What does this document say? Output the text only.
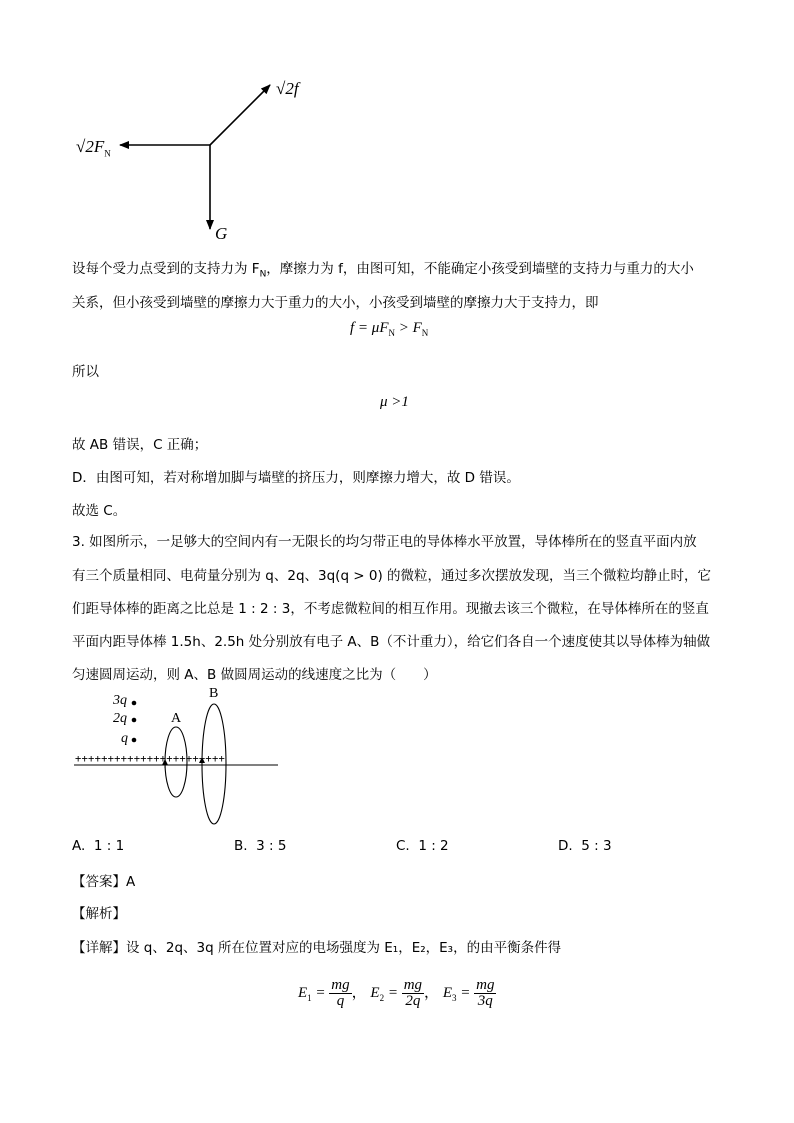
√2f
$√2F_N$
G
设每个受力点受到的支持力为 $F_N$，摩擦力为 f，由图可知，不能确定小孩受到墙壁的支持力与重力的大小
关系，但小孩受到墙壁的摩擦力大于重力的大小，小孩受到墙壁的摩擦力大于支持力，即
$f = \mu F_N > F_N$
所以
μ >1
故 AB 错误，C 正确；
D．由图可知，若对称增加脚与墙壁的挤压力，则摩擦力增大，故 D 错误。
故选 C。
3. 如图所示，一足够大的空间内有一无限长的均匀带正电的导体棒水平放置，导体棒所在的竖直平面内放
有三个质量相同、电荷量分别为 q、2q、3q(q > 0) 的微粒，通过多次摆放发现，当三个微粒均静止时，它
们距导体棒的距离之比总是 1 : 2 : 3，不考虑微粒间的相互作用。现撤去该三个微粒，在导体棒所在的竖直
平面内距导体棒 1.5h、2.5h 处分别放有电子 A、B（不计重力），给它们各自一个速度使其以导体棒为轴做
匀速圆周运动，则 A、B 做圆周运动的线速度之比为（　　）
3q
2q
q
A
B
+++++++++++++++++++++++
A. 1 : 1	B. 3 : 5	C. 1 : 2	D. 5 : 3
【答案】A
【解析】
【详解】设 q、2q、3q 所在位置对应的电场强度为 E₁，E₂，E₃，的由平衡条件得
$E_1 = \frac{mg}{q}$ ， $E_2 = \frac{mg}{2q}$ ， $E_3 = \frac{mg}{3q}$
